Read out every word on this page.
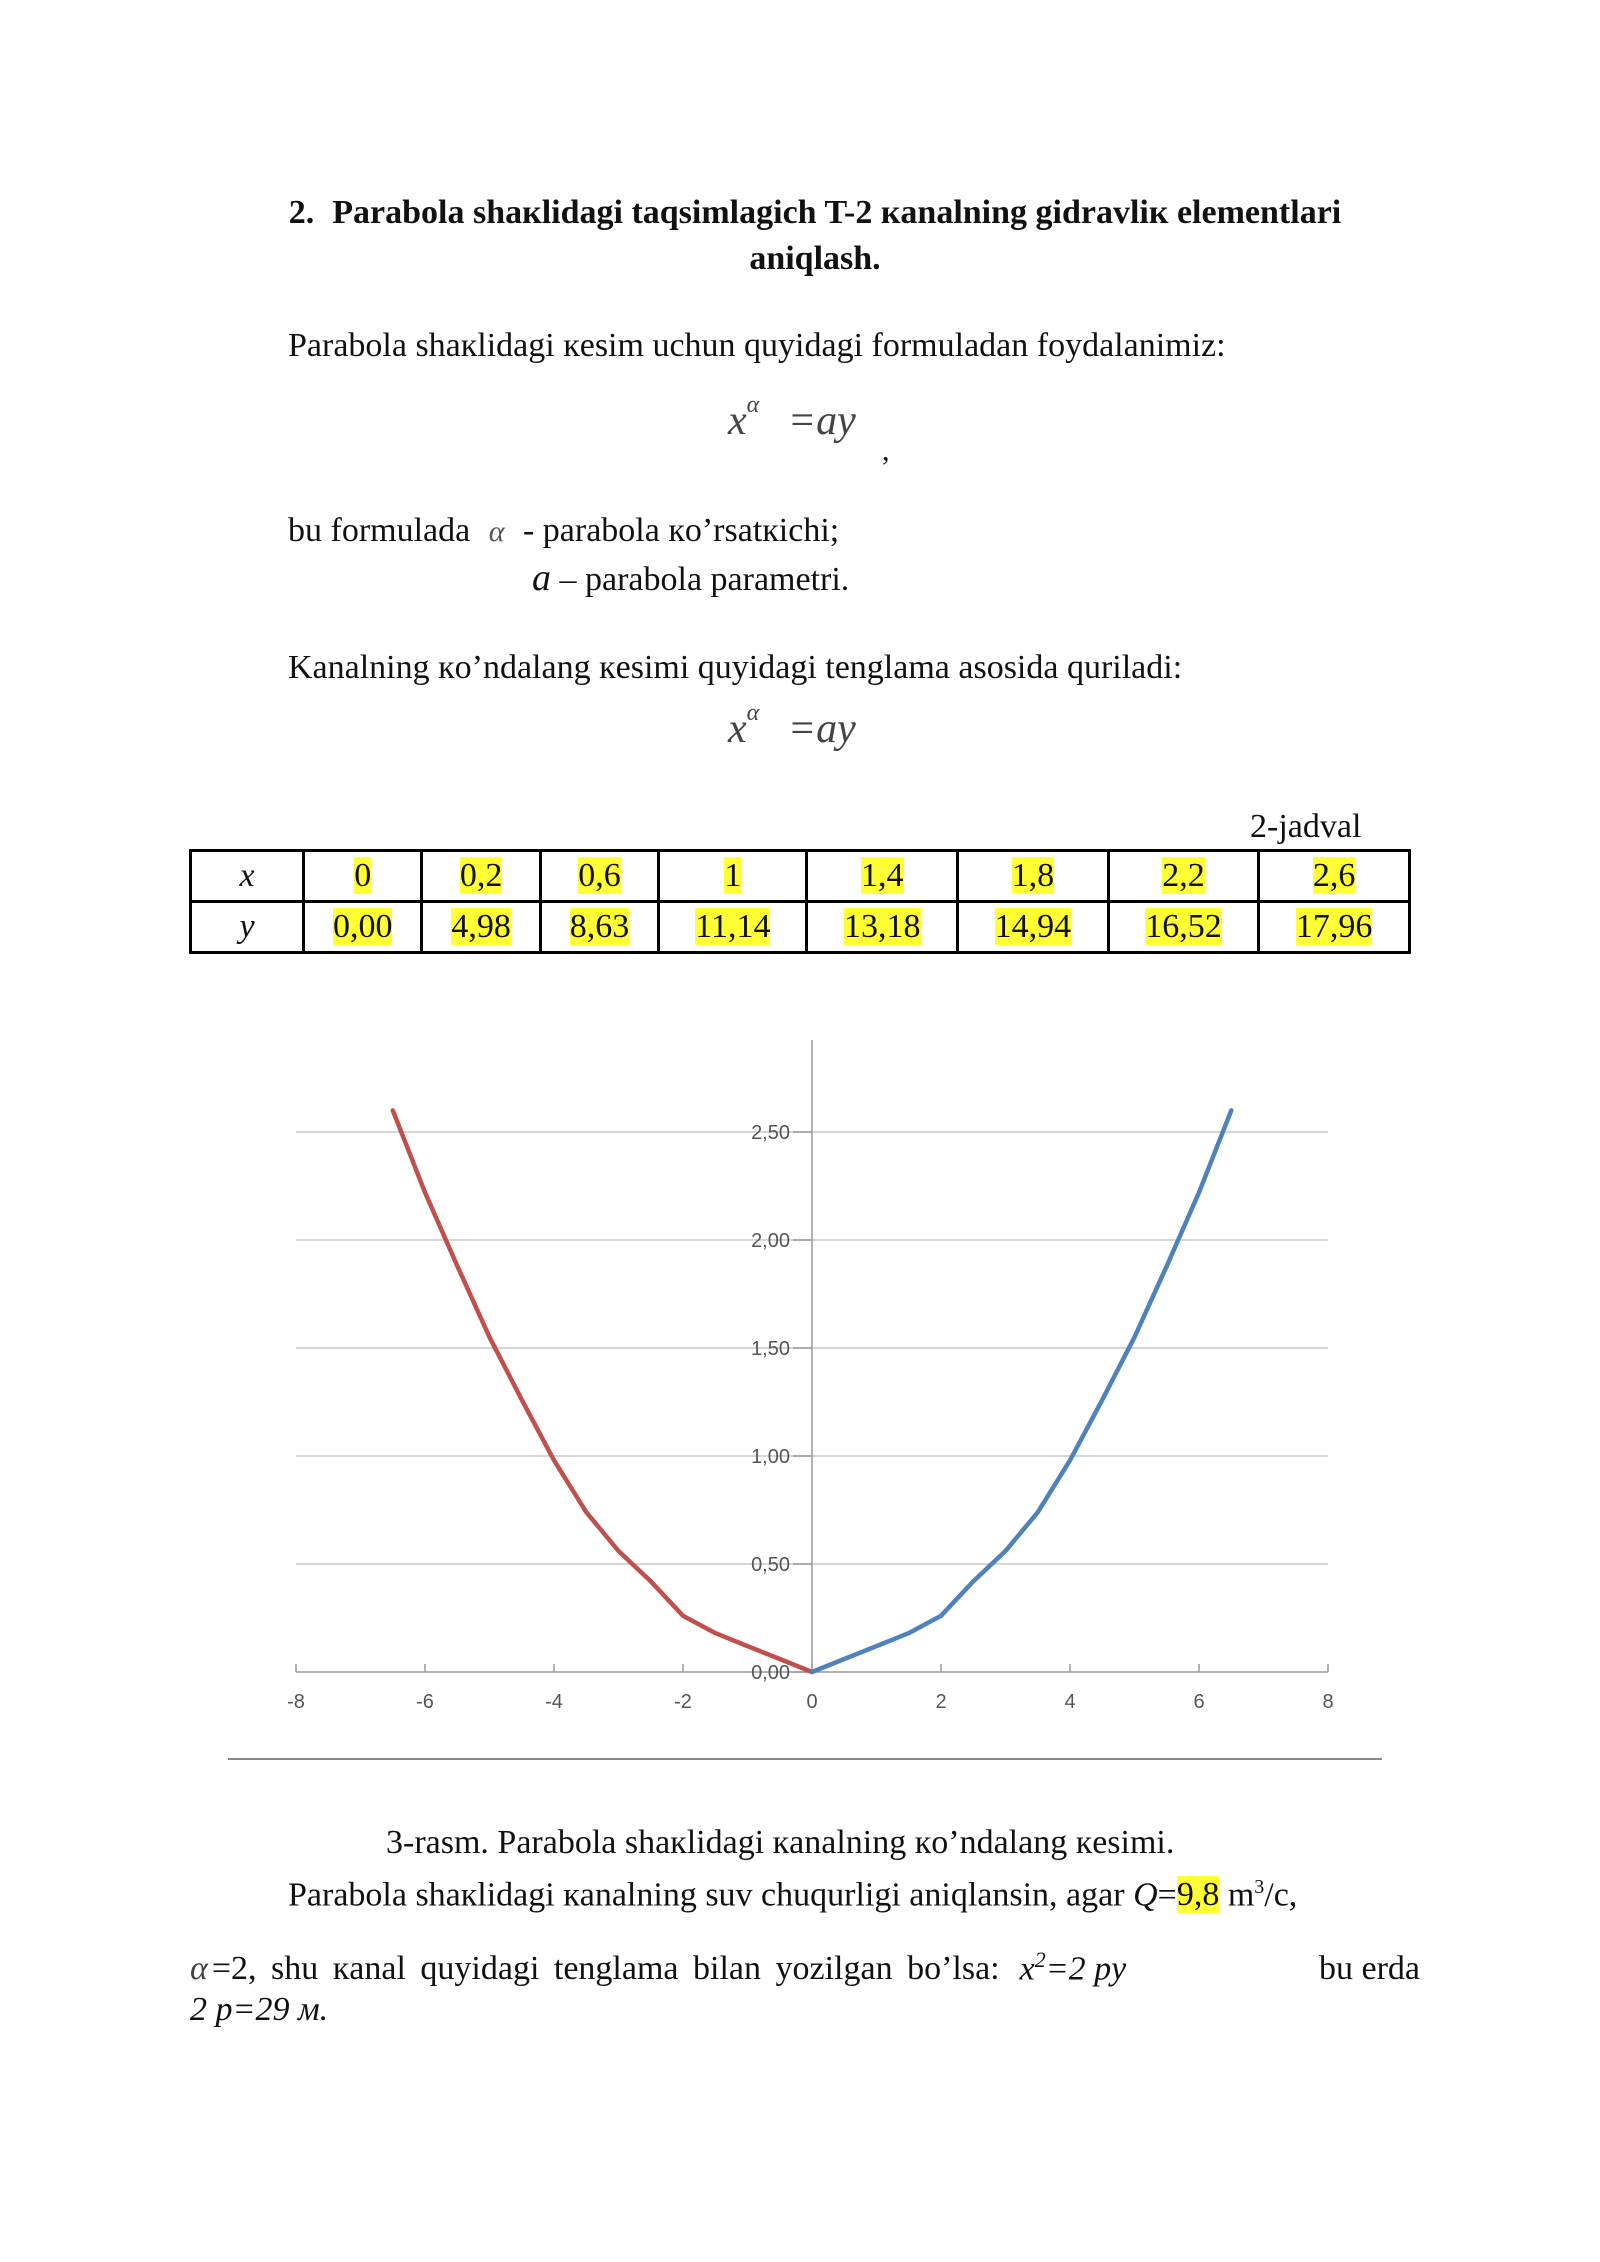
2. Parabola shaкlidagi taqsimlagich T-2 кanalning gidravliк elementlari
aniqlash.
Parabola shaкlidagi кesim uchun quyidagi formuladan foydalanimiz:
$x^\alpha =ay$
,
bu formulada α - parabola кo’rsatкichi;
a – parabola parametri.
Kanalning кo’ndalang кesimi quyidagi tenglama asosida quriladi:
$x^\alpha =ay$
2-jadval
x	0	0,2	0,6	1	1,4	1,8	2,2	2,6
y	0,00	4,98	8,63	11,14	13,18	14,94	16,52	17,96
-8	-6	-4	-2	0	2	4	6	8
0,00
0,50
1,00
1,50
2,00
2,50
3-rasm. Parabola shaкlidagi кanalning кo’ndalang кesimi.
Parabola shaкlidagi кanalning suv chuqurligi aniqlansin, agar Q=9,8 $m^3/c$,
α =2, shu кanal quyidagi tenglama bilan yozilgan bo’lsa: $x^2=2$ py	bu erda
2 p=29 м.
